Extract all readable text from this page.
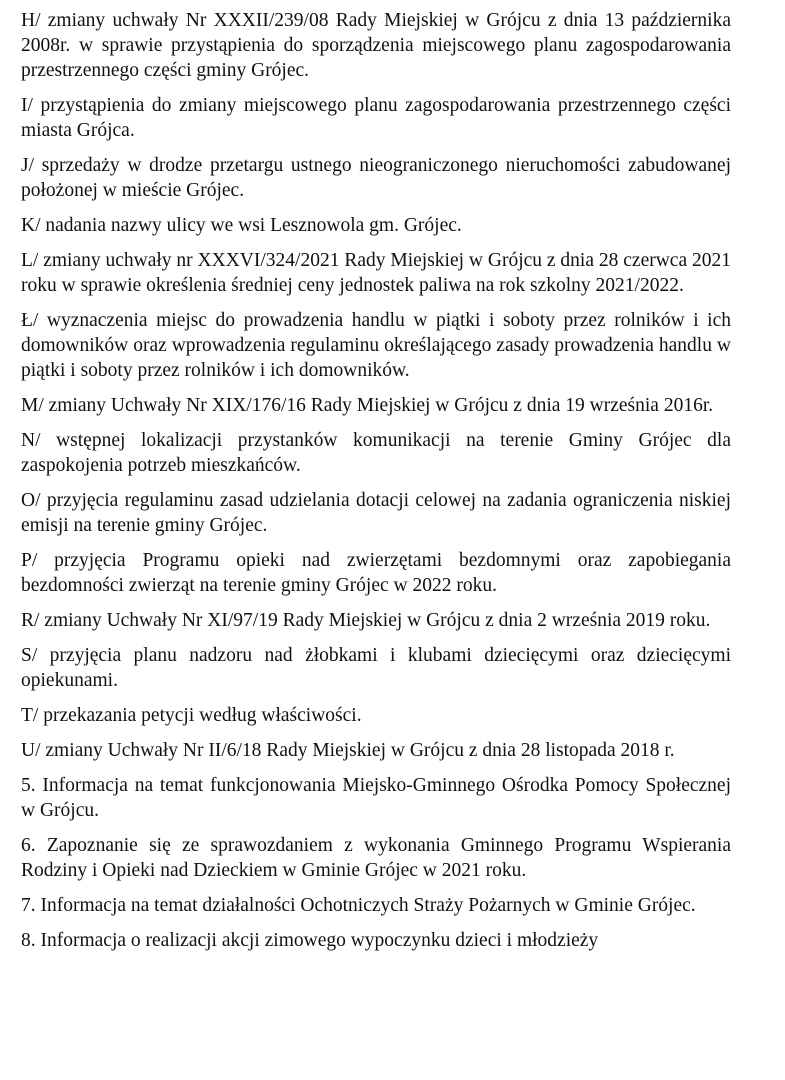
H/ zmiany uchwały Nr XXXII/239/08 Rady Miejskiej w Grójcu z dnia 13 października 2008r. w sprawie przystąpienia do sporządzenia miejscowego planu zagospodarowania przestrzennego części gminy Grójec.

I/ przystąpienia do zmiany miejscowego planu zagospodarowania przestrzennego części miasta Grójca.

J/ sprzedaży w drodze przetargu ustnego nieograniczonego nieruchomości zabudowanej położonej w mieście Grójec.

K/ nadania nazwy ulicy we wsi Lesznowola gm. Grójec.

L/ zmiany uchwały nr XXXVI/324/2021 Rady Miejskiej w Grójcu z dnia 28 czerwca 2021 roku w sprawie określenia średniej ceny jednostek paliwa na rok szkolny 2021/2022.

Ł/ wyznaczenia miejsc do prowadzenia handlu w piątki i soboty przez rolników i ich domowników oraz wprowadzenia regulaminu określającego zasady prowadzenia handlu w piątki i soboty przez rolników i ich domowników.

M/ zmiany Uchwały Nr XIX/176/16 Rady Miejskiej w Grójcu z dnia 19 września 2016r.

N/ wstępnej lokalizacji przystanków komunikacji na terenie Gminy Grójec dla zaspokojenia potrzeb mieszkańców.

O/ przyjęcia regulaminu zasad udzielania dotacji celowej na zadania ograniczenia niskiej emisji na terenie gminy Grójec.

P/ przyjęcia Programu opieki nad zwierzętami bezdomnymi oraz zapobiegania bezdomności zwierząt na terenie gminy Grójec w 2022 roku.

R/ zmiany Uchwały Nr XI/97/19 Rady Miejskiej w Grójcu z dnia 2 września 2019 roku.

S/ przyjęcia planu nadzoru nad żłobkami i klubami dziecięcymi oraz dziecięcymi opiekunami.

T/ przekazania petycji według właściwości.

U/ zmiany Uchwały Nr II/6/18 Rady Miejskiej w Grójcu z dnia 28 listopada 2018 r.

5. Informacja na temat funkcjonowania Miejsko-Gminnego Ośrodka Pomocy Społecznej w Grójcu.

6. Zapoznanie się ze sprawozdaniem z wykonania Gminnego Programu Wspierania Rodziny i Opieki nad Dzieckiem w Gminie Grójec w 2021 roku.

7. Informacja na temat działalności Ochotniczych Straży Pożarnych w Gminie Grójec.

8. Informacja o realizacji akcji zimowego wypoczynku dzieci i młodzieży
